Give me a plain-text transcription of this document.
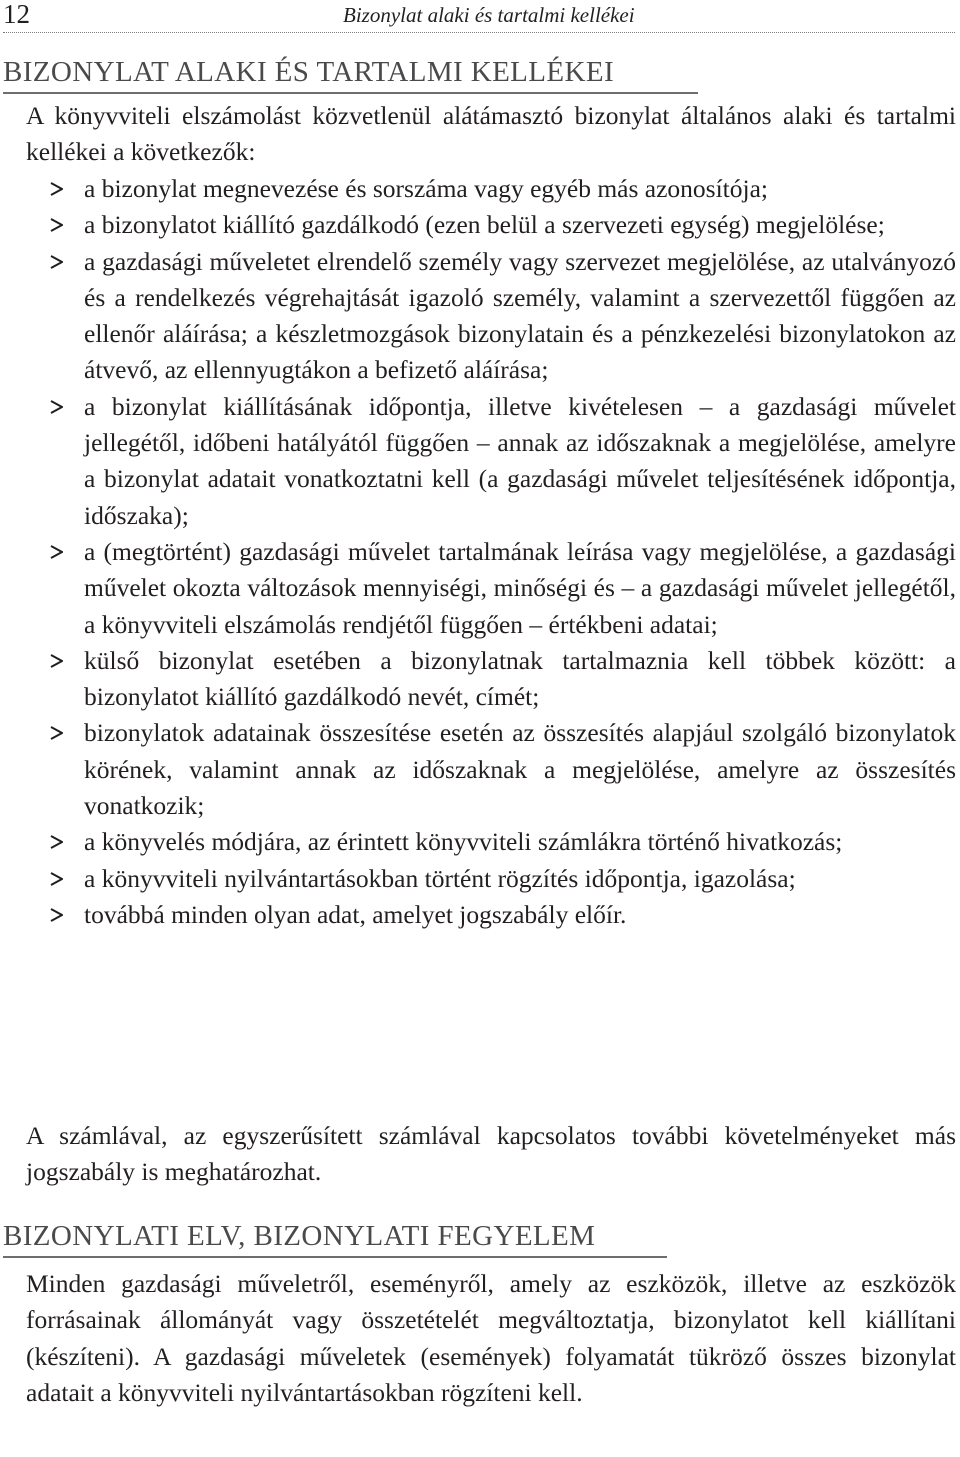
12	Bizonylat alaki és tartalmi kellékei
BIZONYLAT ALAKI ÉS TARTALMI KELLÉKEI

A könyvviteli elszámolást közvetlenül alátámasztó bizonylat általános alaki és tartalmi kellékei a következők:

a bizonylat megnevezése és sorszáma vagy egyéb más azonosítója;
a bizonylatot kiállító gazdálkodó (ezen belül a szervezeti egység) megjelölése;
a gazdasági műveletet elrendelő személy vagy szervezet megjelölése, az utalványozó és a rendelkezés végrehajtását igazoló személy, valamint a szervezettől függően az ellenőr aláírása; a készletmozgások bizonylatain és a pénzkezelési bizonylatokon az átvevő, az ellennyugtákon a befizető aláírása;
a bizonylat kiállításának időpontja, illetve kivételesen – a gazdasági művelet jellegétől, időbeni hatályától függően – annak az időszaknak a megjelölése, amelyre a bizonylat adatait vonatkoztatni kell (a gazdasági művelet teljesítésének időpontja, időszaka);
a (megtörtént) gazdasági művelet tartalmának leírása vagy megjelölése, a gazdasági művelet okozta változások mennyiségi, minőségi és – a gazdasági művelet jellegétől, a könyvviteli elszámolás rendjétől függően – értékbeni adatai;
külső bizonylat esetében a bizonylatnak tartalmaznia kell többek között: a bizonylatot kiállító gazdálkodó nevét, címét;
bizonylatok adatainak összesítése esetén az összesítés alapjául szolgáló bizonylatok körének, valamint annak az időszaknak a megjelölése, amelyre az összesítés vonatkozik;
a könyvelés módjára, az érintett könyvviteli számlákra történő hivatkozás;
a könyvviteli nyilvántartásokban történt rögzítés időpontja, igazolása;
továbbá minden olyan adat, amelyet jogszabály előír.

A számlával, az egyszerűsített számlával kapcsolatos további követelményeket más jogszabály is meghatározhat.

BIZONYLATI ELV, BIZONYLATI FEGYELEM

Minden gazdasági műveletről, eseményről, amely az eszközök, illetve az eszközök forrásainak állományát vagy összetételét megváltoztatja, bizonylatot kell kiállítani (készíteni). A gazdasági műveletek (események) folyamatát tükröző összes bizonylat adatait a könyvviteli nyilvántartásokban rögzíteni kell.
